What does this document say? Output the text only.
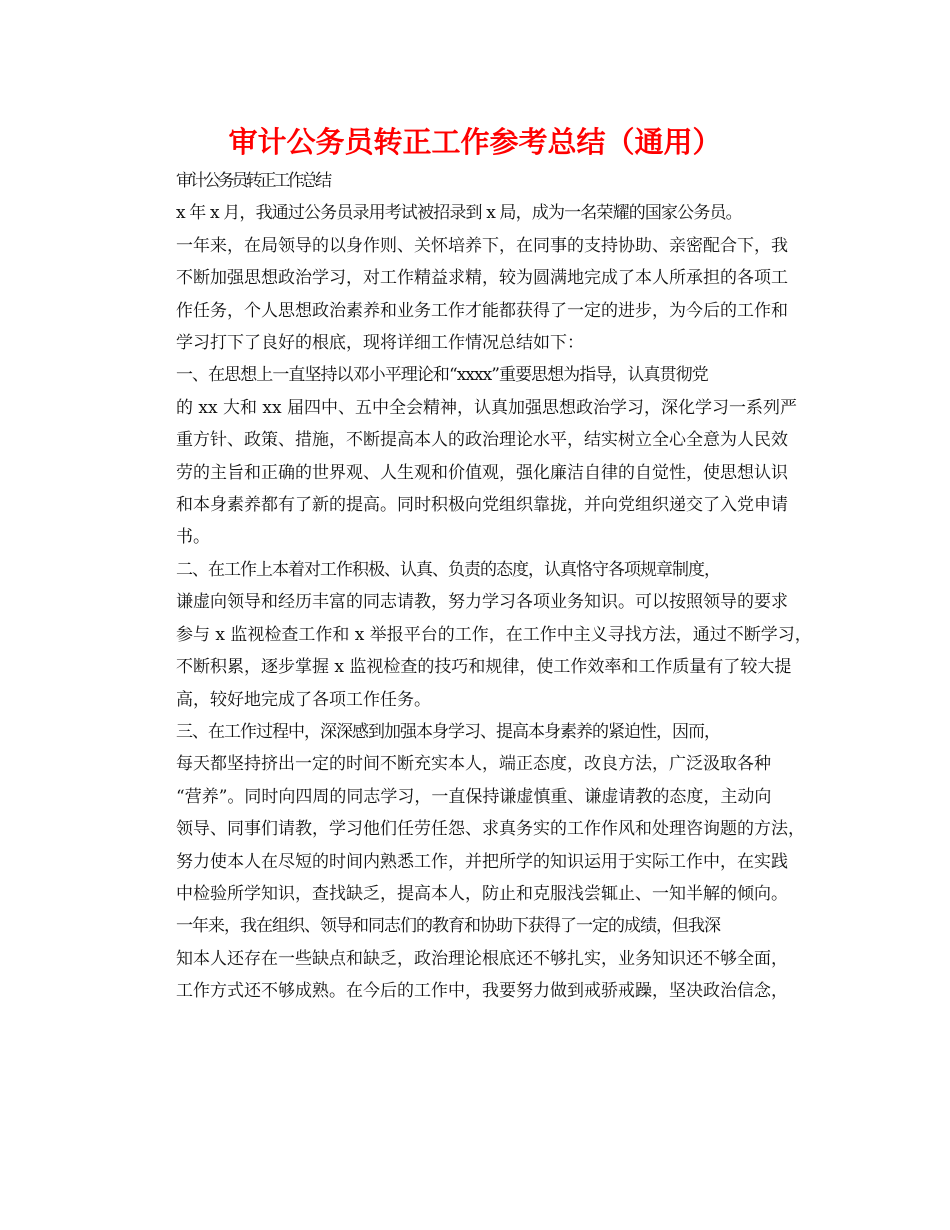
审计公务员转正工作参考总结（通用）

审计公务员转正工作总结

x 年 x 月，我通过公务员录用考试被招录到 x 局，成为一名荣耀的国家公务员。
一年来，在局领导的以身作则、关怀培养下，在同事的支持协助、亲密配合下，我
不断加强思想政治学习，对工作精益求精，较为圆满地完成了本人所承担的各项工
作任务，个人思想政治素养和业务工作才能都获得了一定的进步，为今后的工作和
学习打下了良好的根底，现将详细工作情况总结如下：

一、在思想上一直坚持以邓小平理论和“xxxx”重要思想为指导，认真贯彻党
的 xx 大和 xx 届四中、五中全会精神，认真加强思想政治学习，深化学习一系列严
重方针、政策、措施，不断提高本人的政治理论水平，结实树立全心全意为人民效
劳的主旨和正确的世界观、人生观和价值观，强化廉洁自律的自觉性，使思想认识
和本身素养都有了新的提高。同时积极向党组织靠拢，并向党组织递交了入党申请
书。

二、在工作上本着对工作积极、认真、负责的态度，认真恪守各项规章制度，
谦虚向领导和经历丰富的同志请教，努力学习各项业务知识。可以按照领导的要求
参与 x 监视检查工作和 x 举报平台的工作，在工作中主义寻找方法，通过不断学习，
不断积累，逐步掌握 x 监视检查的技巧和规律，使工作效率和工作质量有了较大提
高，较好地完成了各项工作任务。

三、在工作过程中，深深感到加强本身学习、提高本身素养的紧迫性，因而，
每天都坚持挤出一定的时间不断充实本人，端正态度，改良方法，广泛汲取各种
“营养”。同时向四周的同志学习，一直保持谦虚慎重、谦虚请教的态度，主动向
领导、同事们请教，学习他们任劳任怨、求真务实的工作作风和处理咨询题的方法，
努力使本人在尽短的时间内熟悉工作，并把所学的知识运用于实际工作中，在实践
中检验所学知识，查找缺乏，提高本人，防止和克服浅尝辄止、一知半解的倾向。

一年来，我在组织、领导和同志们的教育和协助下获得了一定的成绩，但我深
知本人还存在一些缺点和缺乏，政治理论根底还不够扎实，业务知识还不够全面，
工作方式还不够成熟。在今后的工作中，我要努力做到戒骄戒躁，坚决政治信念，
